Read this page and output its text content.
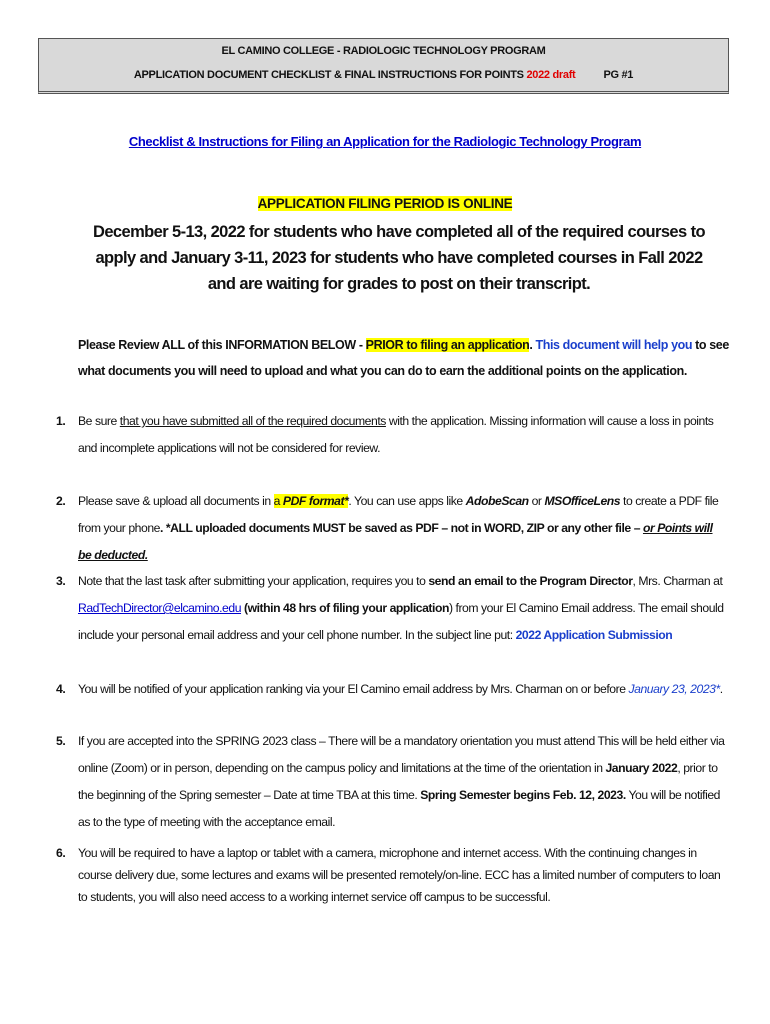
EL CAMINO COLLEGE - RADIOLOGIC TECHNOLOGY PROGRAM
APPLICATION DOCUMENT CHECKLIST & FINAL INSTRUCTIONS FOR POINTS 2022 draft	PG #1
Checklist & Instructions for Filing an Application for the Radiologic Technology Program
APPLICATION FILING PERIOD IS ONLINE
December 5-13, 2022 for students who have completed all of the required courses to apply and January 3-11, 2023 for students who have completed courses in Fall 2022 and are waiting for grades to post on their transcript.
Please Review ALL of this INFORMATION BELOW - PRIOR to filing an application. This document will help you to see what documents you will need to upload and what you can do to earn the additional points on the application.
1. Be sure that you have submitted all of the required documents with the application. Missing information will cause a loss in points and incomplete applications will not be considered for review.
2. Please save & upload all documents in a PDF format*. You can use apps like AdobeScan or MSOfficeLens to create a PDF file from your phone. *ALL uploaded documents MUST be saved as PDF – not in WORD, ZIP or any other file – or Points will be deducted.
3. Note that the last task after submitting your application, requires you to send an email to the Program Director, Mrs. Charman at RadTechDirector@elcamino.edu (within 48 hrs of filing your application) from your El Camino Email address. The email should include your personal email address and your cell phone number. In the subject line put: 2022 Application Submission
4. You will be notified of your application ranking via your El Camino email address by Mrs. Charman on or before January 23, 2023*.
5. If you are accepted into the SPRING 2023 class – There will be a mandatory orientation you must attend This will be held either via online (Zoom) or in person, depending on the campus policy and limitations at the time of the orientation in January 2022, prior to the beginning of the Spring semester – Date at time TBA at this time. Spring Semester begins Feb. 12, 2023. You will be notified as to the type of meeting with the acceptance email.
6. You will be required to have a laptop or tablet with a camera, microphone and internet access. With the continuing changes in course delivery due, some lectures and exams will be presented remotely/on-line. ECC has a limited number of computers to loan to students, you will also need access to a working internet service off campus to be successful.
